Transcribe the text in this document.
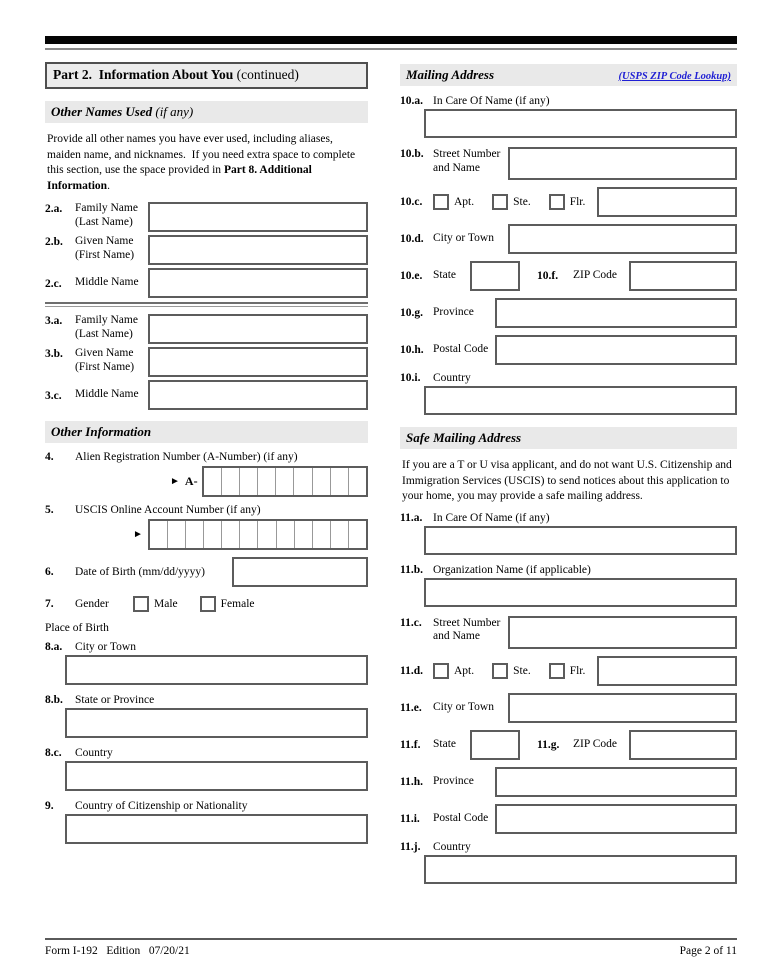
Part 2.  Information About You (continued)
Other Names Used (if any)

Provide all other names you have ever used, including aliases, maiden name, and nicknames.  If you need extra space to complete this section, use the space provided in Part 8. Additional Information.

2.a.	Family Name
(Last Name)
2.b.	Given Name
(First Name)
2.c.	Middle Name
3.a.	Family Name
(Last Name)
3.b.	Given Name
(First Name)
3.c.	Middle Name
Other Information
4.	Alien Registration Number (A-Number) (if any)
► A-
5.	USCIS Online Account Number (if any)
►
6.	Date of Birth (mm/dd/yyyy)
7.	Gender	Male	Female
Place of Birth
8.a.	City or Town
8.b.	State or Province
8.c.	Country
9.	Country of Citizenship or Nationality
Mailing Address	(USPS ZIP Code Lookup)
10.a. In Care Of Name (if any)
10.b. Street Number
and Name
10.c.	Apt.	Ste.	Flr.
10.d. City or Town
10.e. State	10.f.	ZIP Code
10.g. Province
10.h. Postal Code
10.i.	Country
Safe Mailing Address

If you are a T or U visa applicant, and do not want U.S. Citizenship and Immigration Services (USCIS) to send notices about this application to your home, you may provide a safe mailing address.

11.a. In Care Of Name (if any)
11.b. Organization Name (if applicable)
11.c. Street Number
and Name
11.d.	Apt.	Ste.	Flr.
11.e. City or Town
11.f.	State	11.g.	ZIP Code
11.h. Province
11.i.	Postal Code
11.j.	Country
Form I-192   Edition   07/20/21	Page 2 of 11
